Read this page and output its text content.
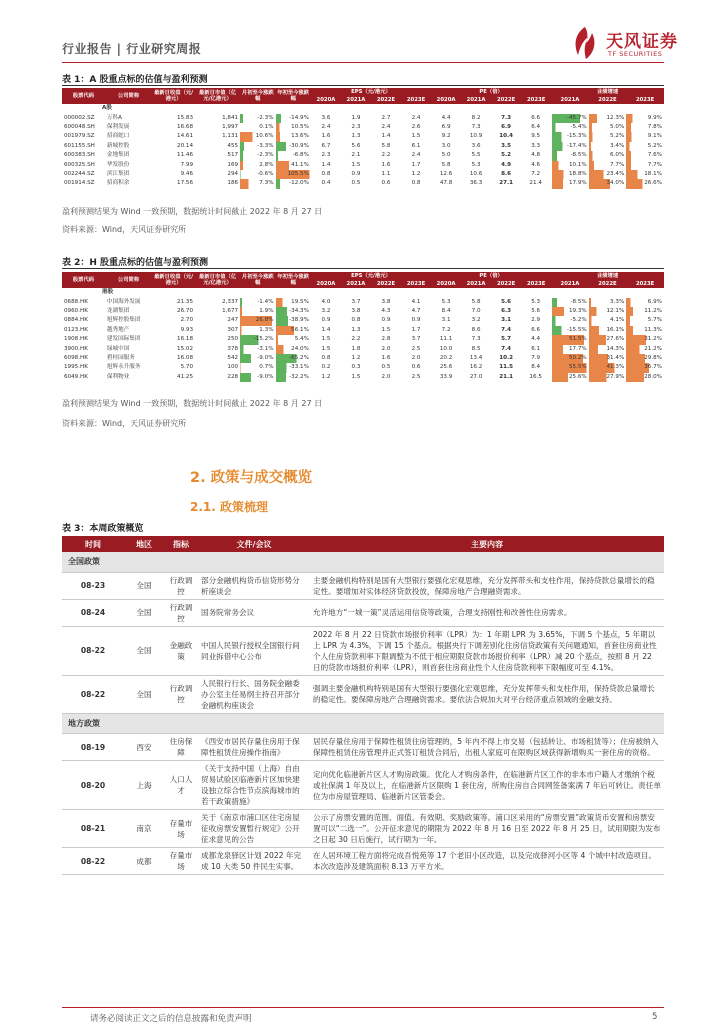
行业报告 | 行业研究周报	天风证券
TF SECURITIES
表 1：A 股重点标的估值与盈利预测
股票代码	公司简称	最新日收盘（元/港元）	最新日市值（亿元/亿港元）	月初至今涨跌幅	年初至今涨跌幅	EPS（元/港元）				PE（倍）				业绩增速		
						2020A	2021A	2022E	2023E	2020A	2021A	2022E	2023E	2021A	2022E	2023E
A股																
000002.SZ	万科A	15.83	1,841	-2.3%	-14.9%	3.6	1.9	2.7	2.4	4.4	8.2	7.3	6.6	-45.7%	12.3%	9.9%
600048.SH	保利发展	16.68	1,997	0.1%	10.5%	2.4	2.3	2.4	2.6	6.9	7.3	6.9	6.4	-5.4%	5.0%	7.8%
001979.SZ	招商蛇口	14.61	1,131	10.6%	13.6%	1.6	1.3	1.4	1.5	9.2	10.9	10.4	9.5	-15.3%	5.2%	9.1%
601155.SH	新城控股	20.14	455	-3.3%	-30.9%	6.7	5.6	5.8	6.1	3.0	3.6	3.5	3.3	-17.4%	3.4%	5.2%
600383.SH	金地集团	11.46	517	-2.3%	-6.8%	2.3	2.1	2.2	2.4	5.0	5.5	5.2	4.8	-8.5%	6.0%	7.6%
600325.SH	华发股份	7.99	169	2.8%	41.1%	1.4	1.5	1.6	1.7	5.8	5.3	4.9	4.6	10.1%	7.7%	7.7%
002244.SZ	滨江集团	9.46	294	-0.6%	105.5%	0.8	0.9	1.1	1.2	12.6	10.6	8.6	7.2	18.8%	23.4%	18.1%
001914.SZ	招商积余	17.56	186	7.3%	-12.0%	0.4	0.5	0.6	0.8	47.8	36.3	27.1	21.4	17.9%	34.0%	26.6%
盈利预测结果为 Wind 一致预期，数据统计时间截止 2022 年 8 月 27 日
资料来源：Wind，天风证券研究所
表 2：H 股重点标的估值与盈利预测
股票代码	公司简称	最新日收盘（元/港元）	最新日市值（亿元/亿港元）	月初至今涨跌幅	年初至今涨跌幅	EPS（元/港元）				PE（倍）				业绩增速		
						2020A	2021A	2022E	2023E	2020A	2021A	2022E	2023E	2021A	2022E	2023E
港股																
0688.HK	中国海外发展	21.35	2,337	-1.4%	19.5%	4.0	3.7	3.8	4.1	5.3	5.8	5.6	5.3	-8.5%	3.3%	6.9%
0960.HK	龙湖集团	26.70	1,677	1.9%	-34.3%	3.2	3.8	4.3	4.7	8.4	7.0	6.3	5.6	19.3%	12.1%	11.2%
0884.HK	旭辉控股集团	2.70	247	26.8%	-38.9%	0.9	0.8	0.9	0.9	3.1	3.2	3.1	2.9	-5.2%	4.1%	5.7%
0123.HK	越秀地产	9.93	307	1.3%	56.1%	1.4	1.3	1.5	1.7	7.2	8.6	7.4	6.6	-15.5%	16.1%	11.3%
1908.HK	建发国际集团	16.18	250	-15.2%	5.4%	1.5	2.2	2.8	3.7	11.1	7.3	5.7	4.4	51.5%	27.6%	31.2%
3900.HK	绿城中国	15.02	378	-3.1%	24.0%	1.5	1.8	2.0	2.5	10.0	8.5	7.4	6.1	17.7%	14.3%	21.2%
6098.HK	碧桂园服务	16.08	542	-9.0%	-65.2%	0.8	1.2	1.6	2.0	20.2	13.4	10.2	7.9	50.2%	31.4%	29.8%
1995.HK	旭辉永升服务	5.70	100	0.7%	-33.1%	0.2	0.3	0.5	0.6	25.6	16.2	11.5	8.4	55.5%	41.3%	36.7%
6049.HK	保利物业	41.25	228	-9.0%	-32.2%	1.2	1.5	2.0	2.5	33.9	27.0	21.1	16.5	25.6%	27.9%	28.0%
盈利预测结果为 Wind 一致预期，数据统计时间截止 2022 年 8 月 27 日
资料来源：Wind，天风证券研究所
2. 政策与成交概览
2.1. 政策梳理
表 3：本周政策概览
时间	地区	指标	文件/会议	主要内容
全国政策				
08-23	全国	行政调控	部分金融机构货币信贷形势分析座谈会	主要金融机构特别是国有大型银行要强化宏观思维，充分发挥带头和支柱作用，保持贷款总量增长的稳定性。要增加对实体经济贷款投放，保障房地产合理融资需求。
08-24	全国	行政调控	国务院常务会议	允许地方“一城一策”灵活运用信贷等政策，合理支持刚性和改善性住房需求。
08-22	全国	金融政策	中国人民银行授权全国银行间同业拆借中心公布	2022 年 8 月 22 日贷款市场报价利率（LPR）为：1 年期 LPR 为 3.65%，下调 5 个基点，5 年期以上 LPR 为 4.3%，下调 15 个基点。根据央行下调差别化住房信贷政策有关问题通知，首套住房商业性个人住房贷款利率下限调整为不低于相应期限贷款市场报价利率（LPR）减 20 个基点，按照 8 月 22 日的贷款市场报价利率（LPR），则首套住房商业性个人住房贷款利率下限幅度可至 4.1%。
08-22	全国	行政调控	人民银行行长、国务院金融委办公室主任易纲主持召开部分金融机构座谈会	强调主要金融机构特别是国有大型银行要强化宏观思维，充分发挥带头和支柱作用，保持贷款总量增长的稳定性。要保障房地产合理融资需求。要依法合规加大对平台经济重点领域的金融支持。
地方政策				
08-19	西安	住房保障	《西安市居民存量住房用于保障性租赁住房操作指南》	居民存量住房用于保障性租赁住房管理的，5 年内不得上市交易（包括转让、市场租赁等）；住房被纳入保障性租赁住房管理并正式签订租赁合同后，出租人家庭可在限购区域获得新增购买一套住房的资格。
08-20	上海	人口人才	《关于支持中国（上海）自由贸易试验区临港新片区加快建设独立综合性节点滨海城市的若干政策措施》	定向优化临港新片区人才购房政策。优化人才购房条件，在临港新片区工作的非本市户籍人才缴纳个税或社保满 1 年及以上，在临港新片区限购 1 套住房，所购住房自合同网签备案满 7 年后可转让。责任单位为市房屋管理局、临港新片区管委会。
08-21	南京	存量市场	关于《南京市浦口区住宅房屋征收房票安置暂行规定》公开征求意见的公告	公示了房票安置的范围、面值、有效期、奖励政策等。浦口区采用的“房票安置”政策货币安置和房票安置可以“二选一”。公开征求意见的期限为 2022 年 8 月 16 日至 2022 年 8 月 25 日，试用期限为发布之日起 30 日后施行，试行期为一年。
08-22	成都	存量市场	成都龙泉驿区计划 2022 年完成 10 大类 50 件民生实事。	在人居环境工程方面将完成吾悦苑等 17 个老旧小区改造，以及完成驿河小区等 4 个城中村改造项目。本次改造涉及建筑面积 8.13 万平方米。
请务必阅读正文之后的信息披露和免责声明	5
